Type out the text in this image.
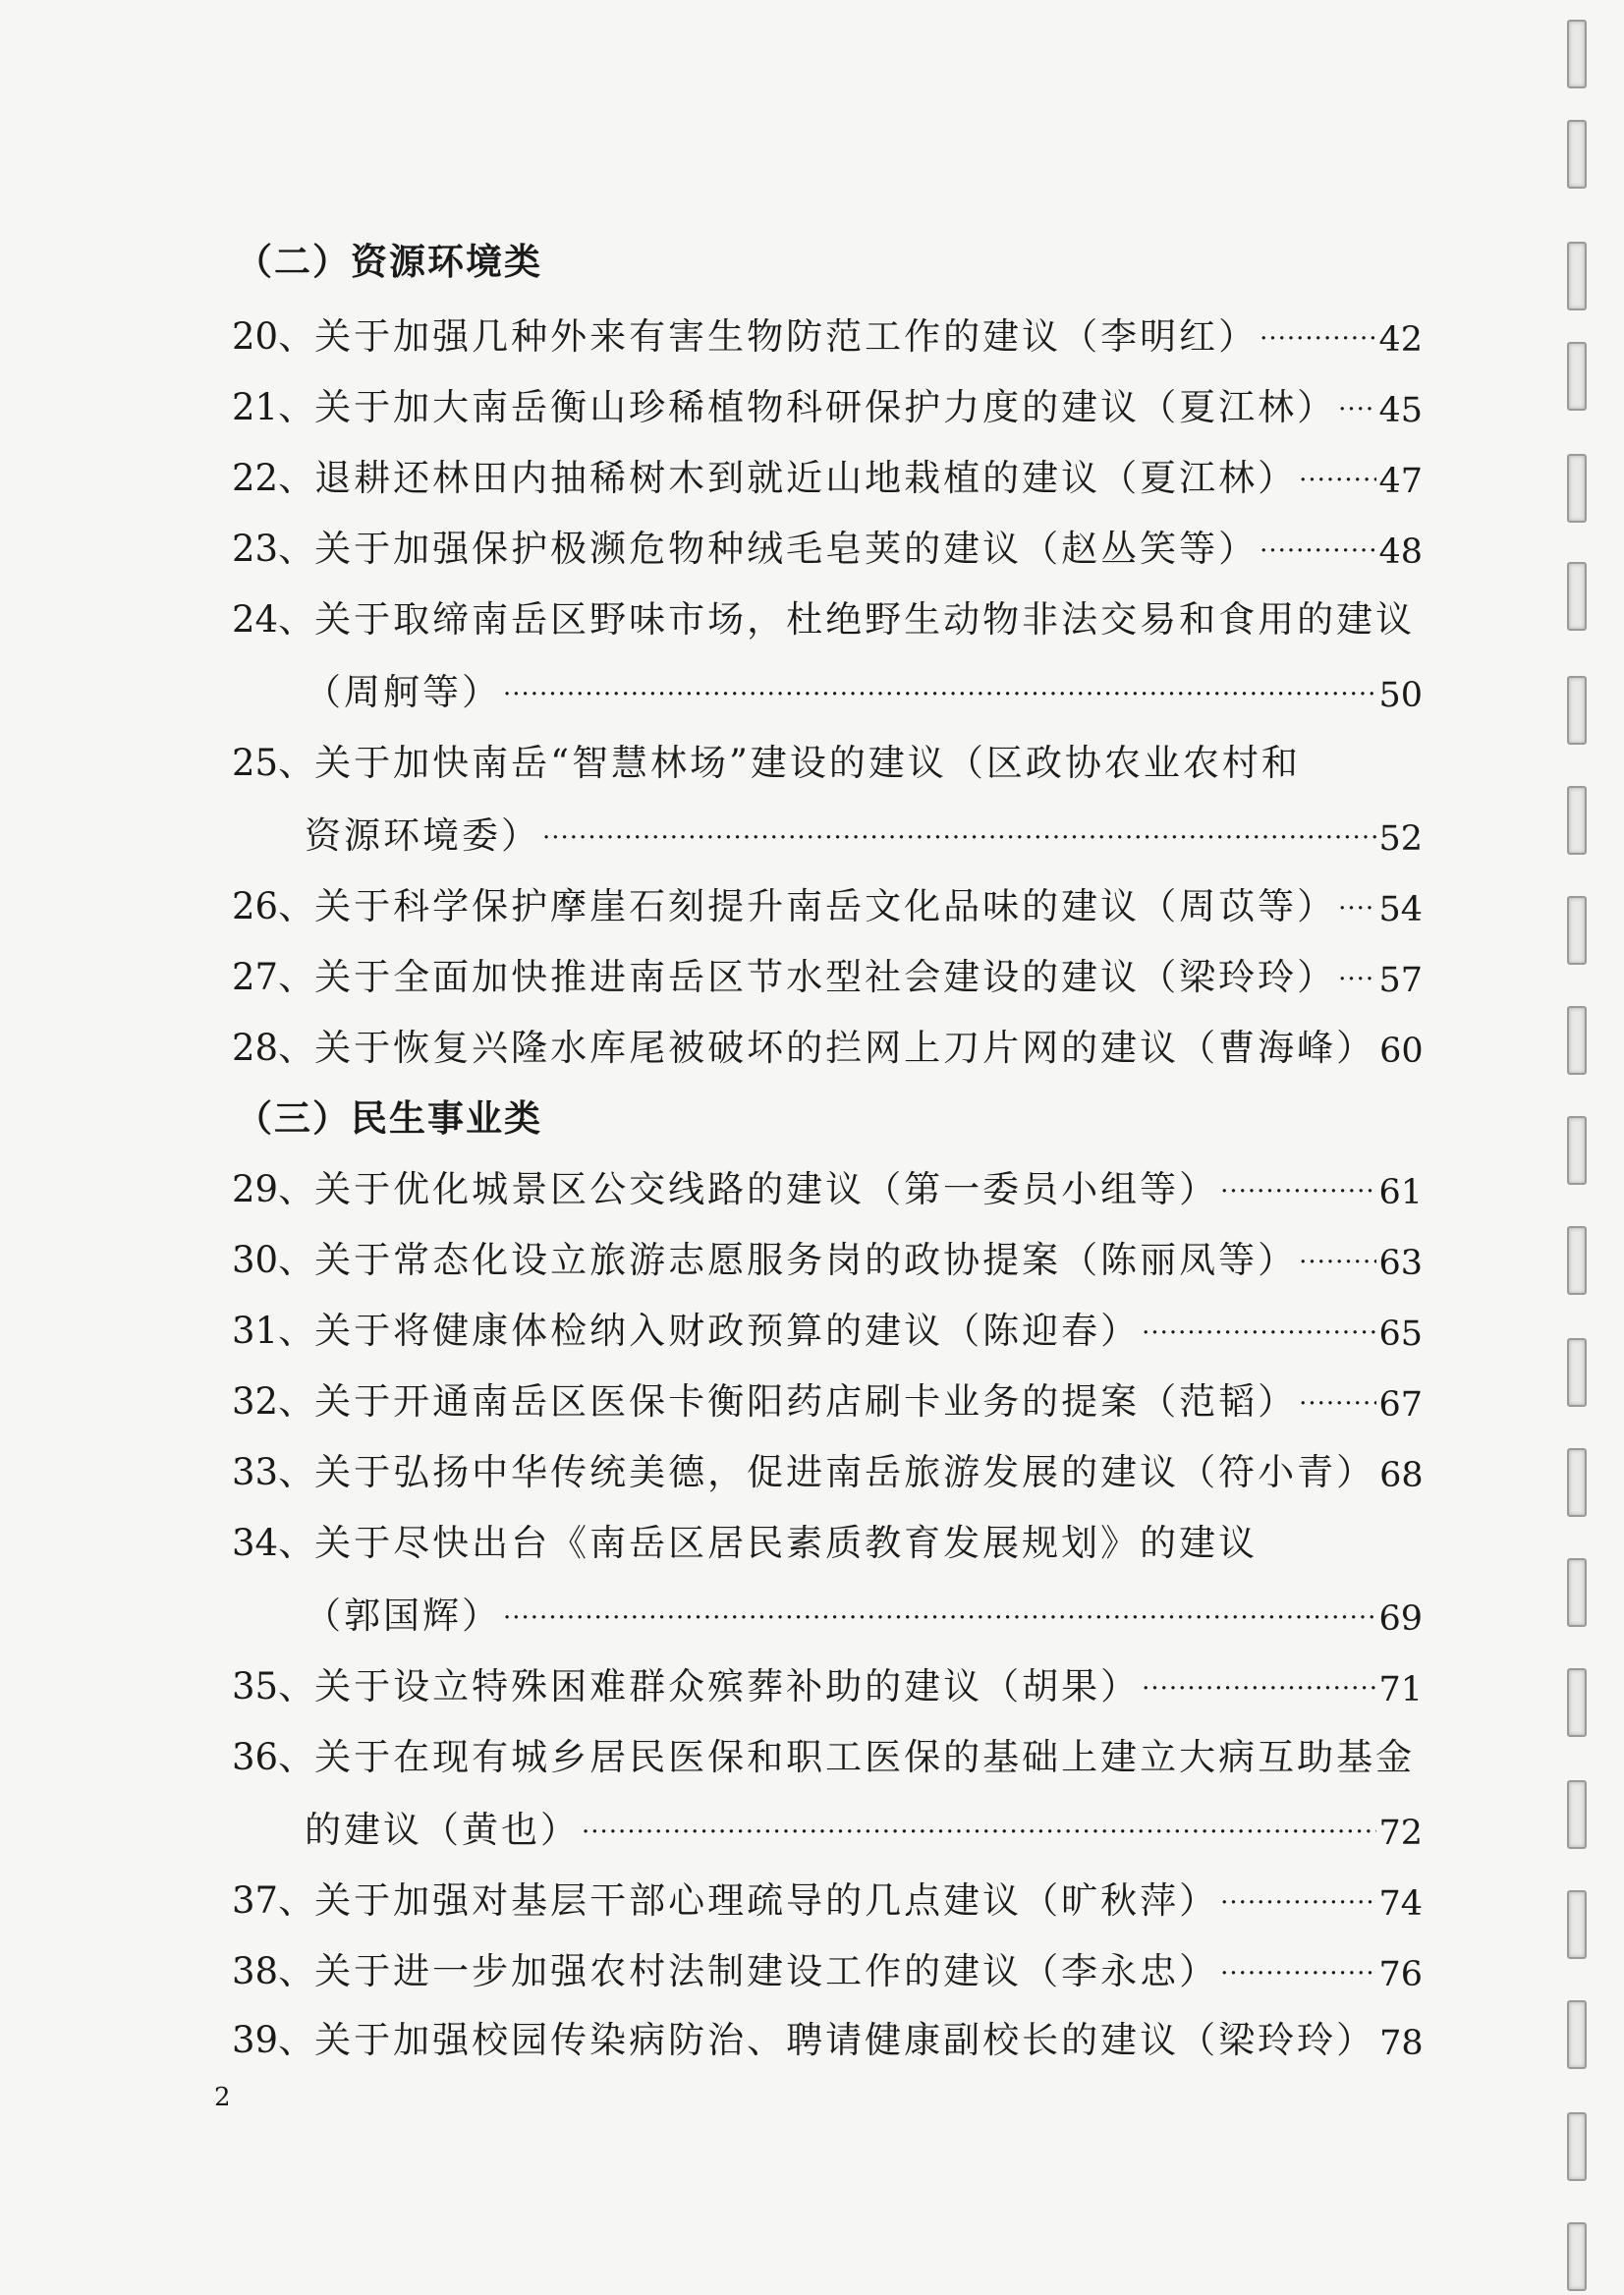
（二）资源环境类
20、 关于加强几种外来有害生物防范工作的建议（李明红） ·····	42
21、 关于加大南岳衡山珍稀植物科研保护力度的建议（夏江林） ····· 45
22、 退耕还林田内抽稀树木到就近山地栽植的建议（夏江林） ····· 47
23、 关于加强保护极濒危物种绒毛皂荚的建议（赵丛笑等） ·····	48
24、 关于取缔南岳区野味市场，杜绝野生动物非法交易和食用的建议
（周舸等） ·····	50
25、 关于加快南岳“智慧林场”建设的建议（区政协农业农村和
资源环境委） ·····	52
26、 关于科学保护摩崖石刻提升南岳文化品味的建议（周苡等） ····· 54
27、 关于全面加快推进南岳区节水型社会建设的建议（梁玲玲） ····· 57
28、 关于恢复兴隆水库尾被破坏的拦网上刀片网的建议（曹海峰） 60
（三）民生事业类
29、 关于优化城景区公交线路的建议（第一委员小组等） ·····	61
30、 关于常态化设立旅游志愿服务岗的政协提案（陈丽凤等） ····· 63
31、 关于将健康体检纳入财政预算的建议（陈迎春） ·····	65
32、 关于开通南岳区医保卡衡阳药店刷卡业务的提案（范韬） ····· 67
33、 关于弘扬中华传统美德，促进南岳旅游发展的建议（符小青） 68
34、 关于尽快出台《南岳区居民素质教育发展规划》的建议
（郭国辉） ·····	69
35、 关于设立特殊困难群众殡葬补助的建议（胡果） ·····	71
36、 关于在现有城乡居民医保和职工医保的基础上建立大病互助基金
的建议（黄也） ·····	72
37、 关于加强对基层干部心理疏导的几点建议（旷秋萍） ·····	74
38、 关于进一步加强农村法制建设工作的建议（李永忠） ·····	76
39、 关于加强校园传染病防治、聘请健康副校长的建议（梁玲玲） 78
2
